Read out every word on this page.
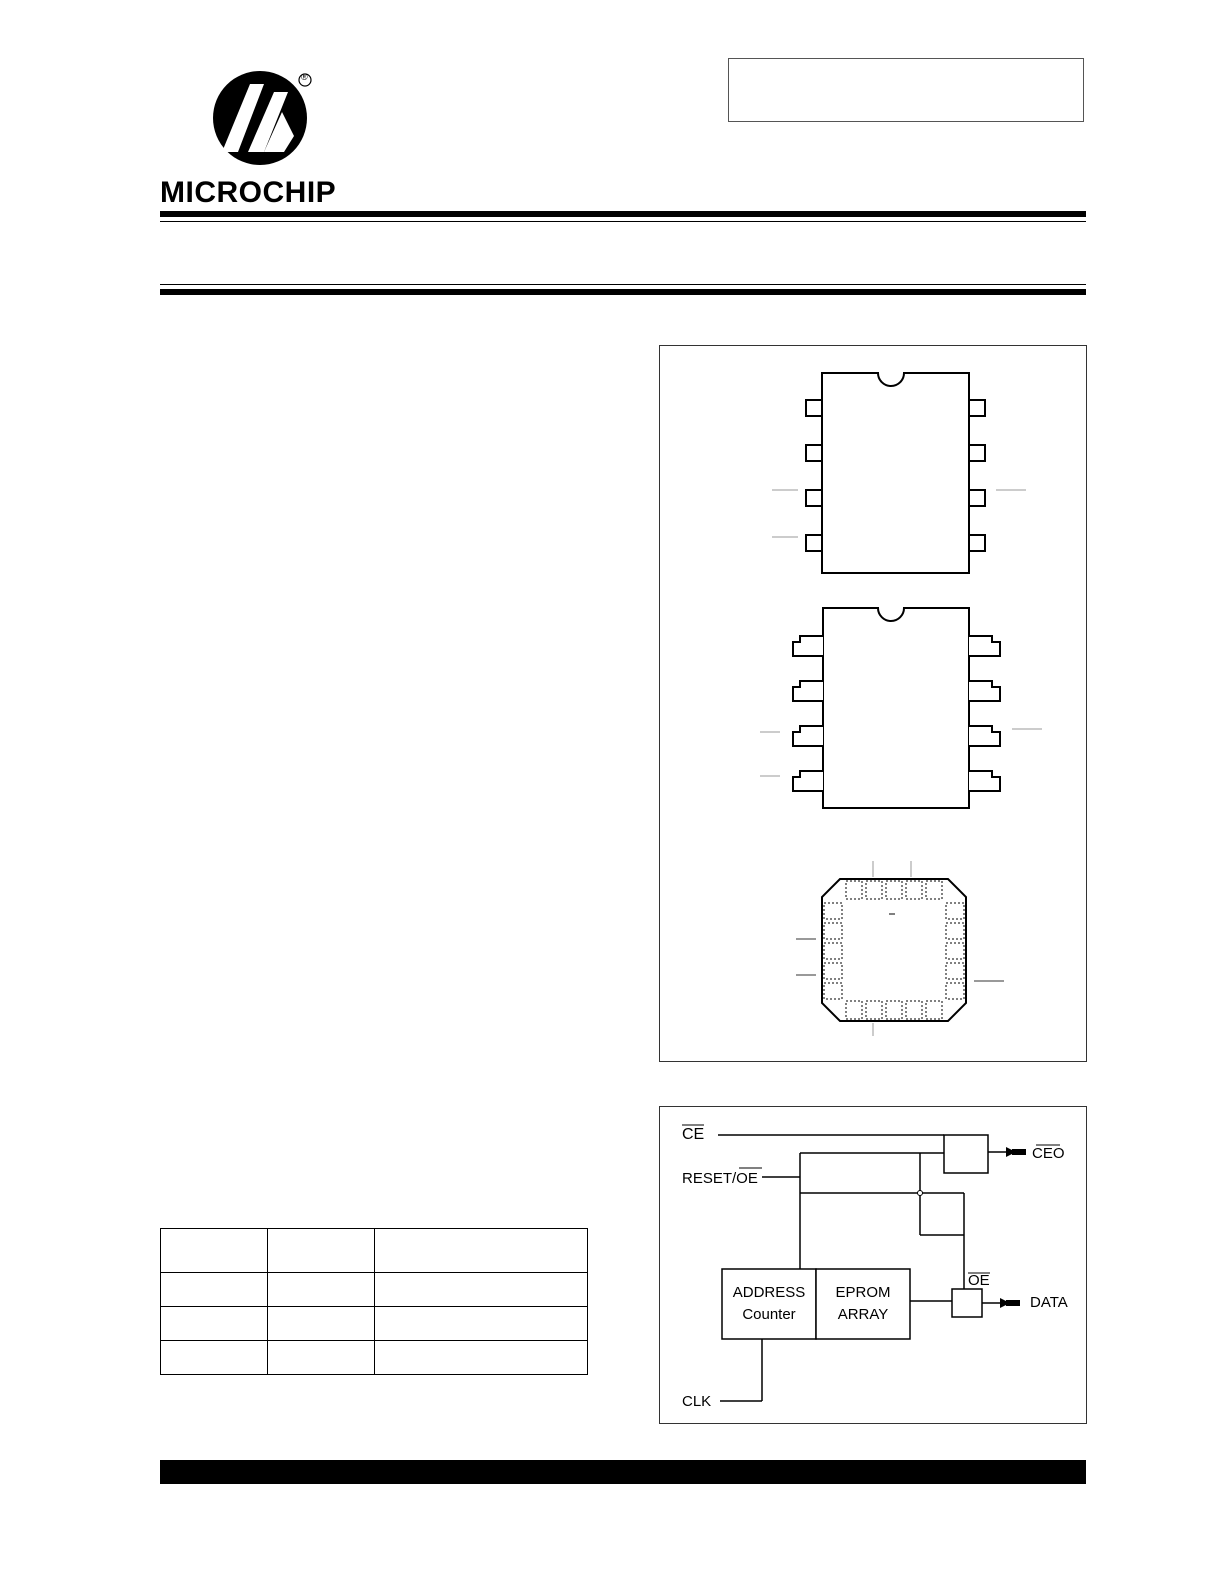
®
MICROCHIP
CE
RESET/OE
CEO
ADDRESS
Counter
EPROM
ARRAY
OE
DATA
CLK
